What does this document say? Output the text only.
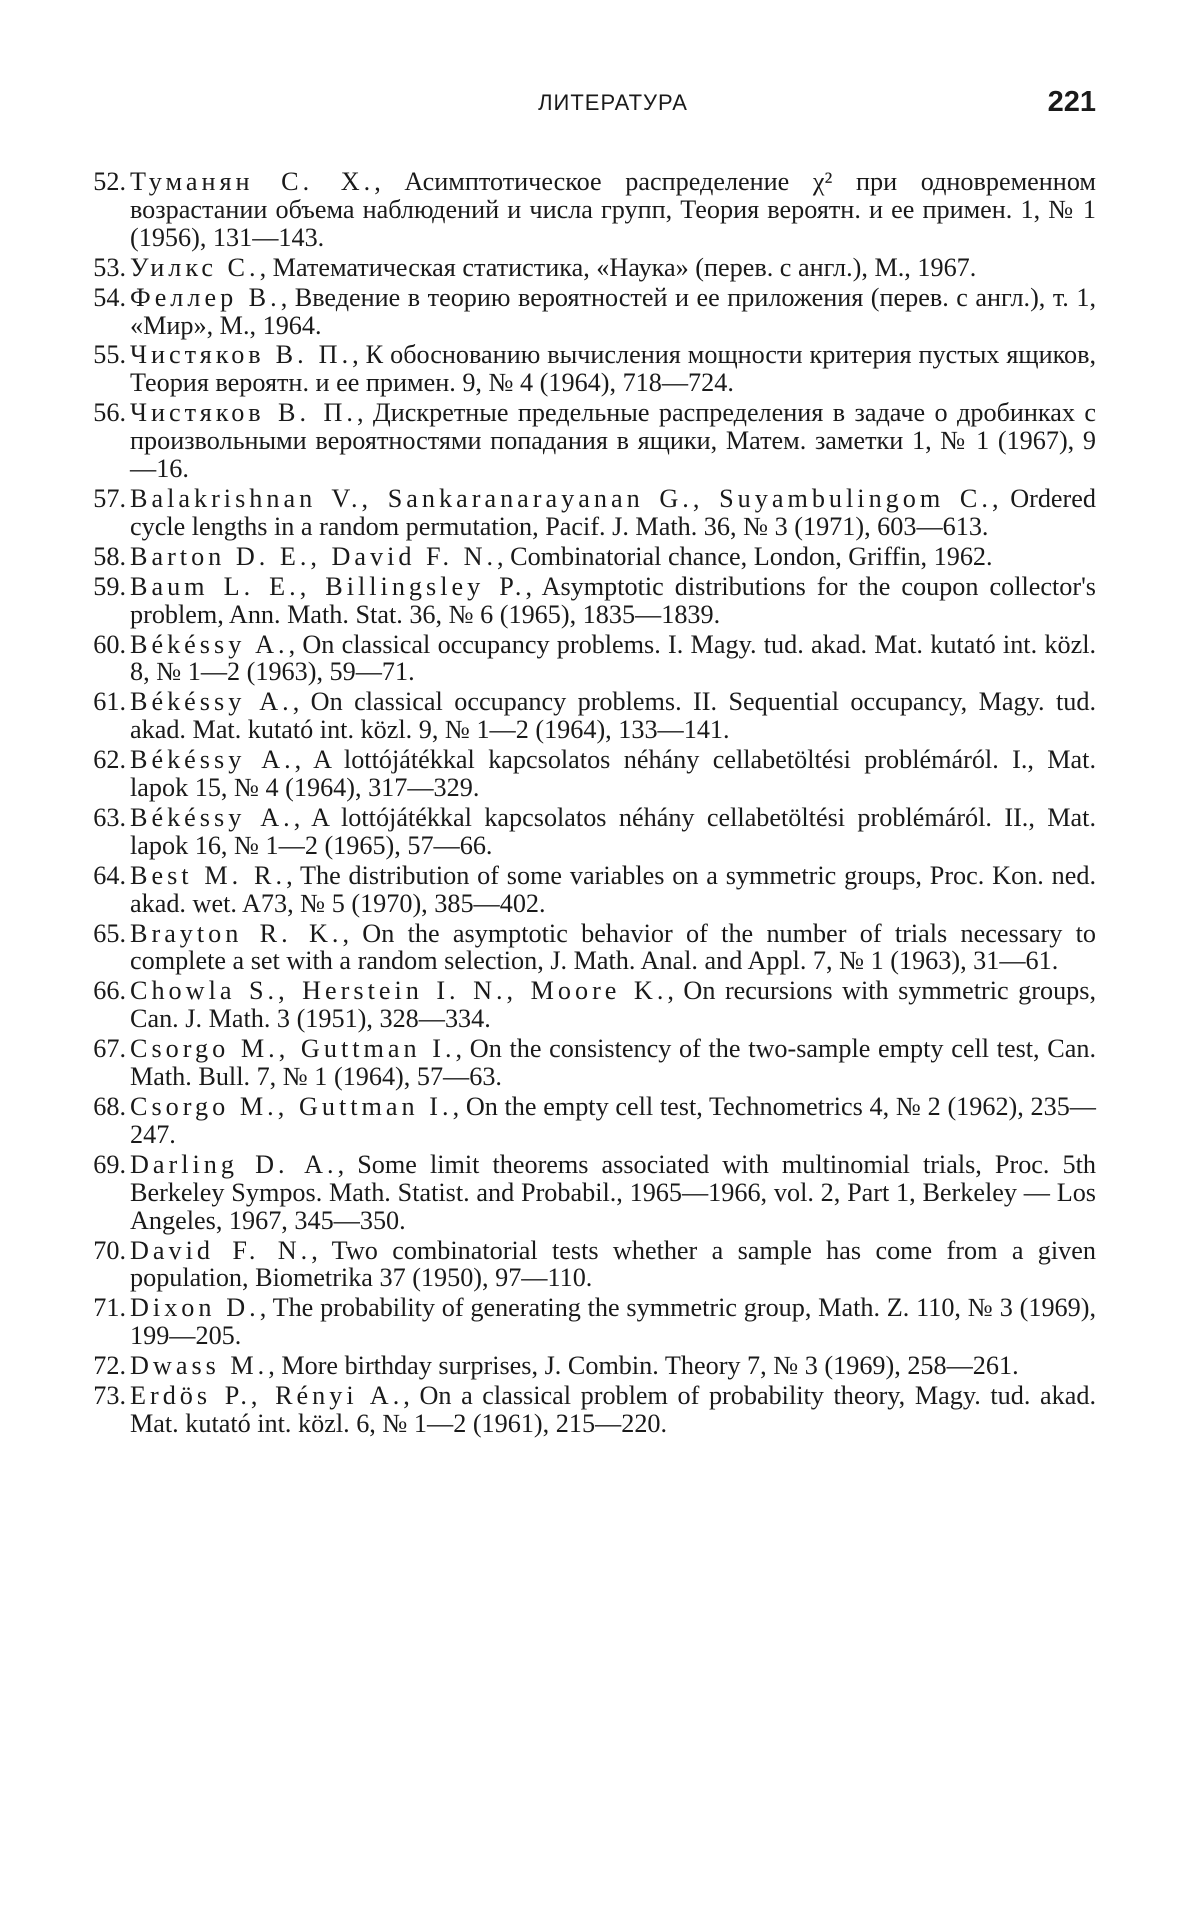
ЛИТЕРАТУРА	221
52. Туманян С. Х., Асимптотическое распределение χ² при одновременном возрастании объема наблюдений и числа групп, Теория вероятн. и ее примен. 1, № 1 (1956), 131—143.
53. Уилкс С., Математическая статистика, «Наука» (перев. с англ.), М., 1967.
54. Феллер В., Введение в теорию вероятностей и ее приложения (перев. с англ.), т. 1, «Мир», М., 1964.
55. Чистяков В. П., К обоснованию вычисления мощности критерия пустых ящиков, Теория вероятн. и ее примен. 9, № 4 (1964), 718—724.
56. Чистяков В. П., Дискретные предельные распределения в задаче о дробинках с произвольными вероятностями попадания в ящики, Матем. заметки 1, № 1 (1967), 9—16.
57. Balakrishnan V., Sankaranarayanan G., Suyambulingom C., Ordered cycle lengths in a random permutation, Pacif. J. Math. 36, № 3 (1971), 603—613.
58. Barton D. E., David F. N., Combinatorial chance, London, Griffin, 1962.
59. Baum L. E., Billingsley P., Asymptotic distributions for the coupon collector's problem, Ann. Math. Stat. 36, № 6 (1965), 1835—1839.
60. Békéssy A., On classical occupancy problems. I. Magy. tud. akad. Mat. kutató int. közl. 8, № 1—2 (1963), 59—71.
61. Békéssy A., On classical occupancy problems. II. Sequential occupancy, Magy. tud. akad. Mat. kutató int. közl. 9, № 1—2 (1964), 133—141.
62. Békéssy A., A lottójátékkal kapcsolatos néhány cellabetöltési problémáról. I., Mat. lapok 15, № 4 (1964), 317—329.
63. Békéssy A., A lottójátékkal kapcsolatos néhány cellabetöltési problémáról. II., Mat. lapok 16, № 1—2 (1965), 57—66.
64. Best M. R., The distribution of some variables on a symmetric groups, Proc. Kon. ned. akad. wet. A73, № 5 (1970), 385—402.
65. Brayton R. K., On the asymptotic behavior of the number of trials necessary to complete a set with a random selection, J. Math. Anal. and Appl. 7, № 1 (1963), 31—61.
66. Chowla S., Herstein I. N., Moore K., On recursions with symmetric groups, Can. J. Math. 3 (1951), 328—334.
67. Csorgo M., Guttman I., On the consistency of the two-sample empty cell test, Can. Math. Bull. 7, № 1 (1964), 57—63.
68. Csorgo M., Guttman I., On the empty cell test, Technometrics 4, № 2 (1962), 235—247.
69. Darling D. A., Some limit theorems associated with multinomial trials, Proc. 5th Berkeley Sympos. Math. Statist. and Probabil., 1965—1966, vol. 2, Part 1, Berkeley — Los Angeles, 1967, 345—350.
70. David F. N., Two combinatorial tests whether a sample has come from a given population, Biometrika 37 (1950), 97—110.
71. Dixon D., The probability of generating the symmetric group, Math. Z. 110, № 3 (1969), 199—205.
72. Dwass M., More birthday surprises, J. Combin. Theory 7, № 3 (1969), 258—261.
73. Erdös P., Rényi A., On a classical problem of probability theory, Magy. tud. akad. Mat. kutató int. közl. 6, № 1—2 (1961), 215—220.
